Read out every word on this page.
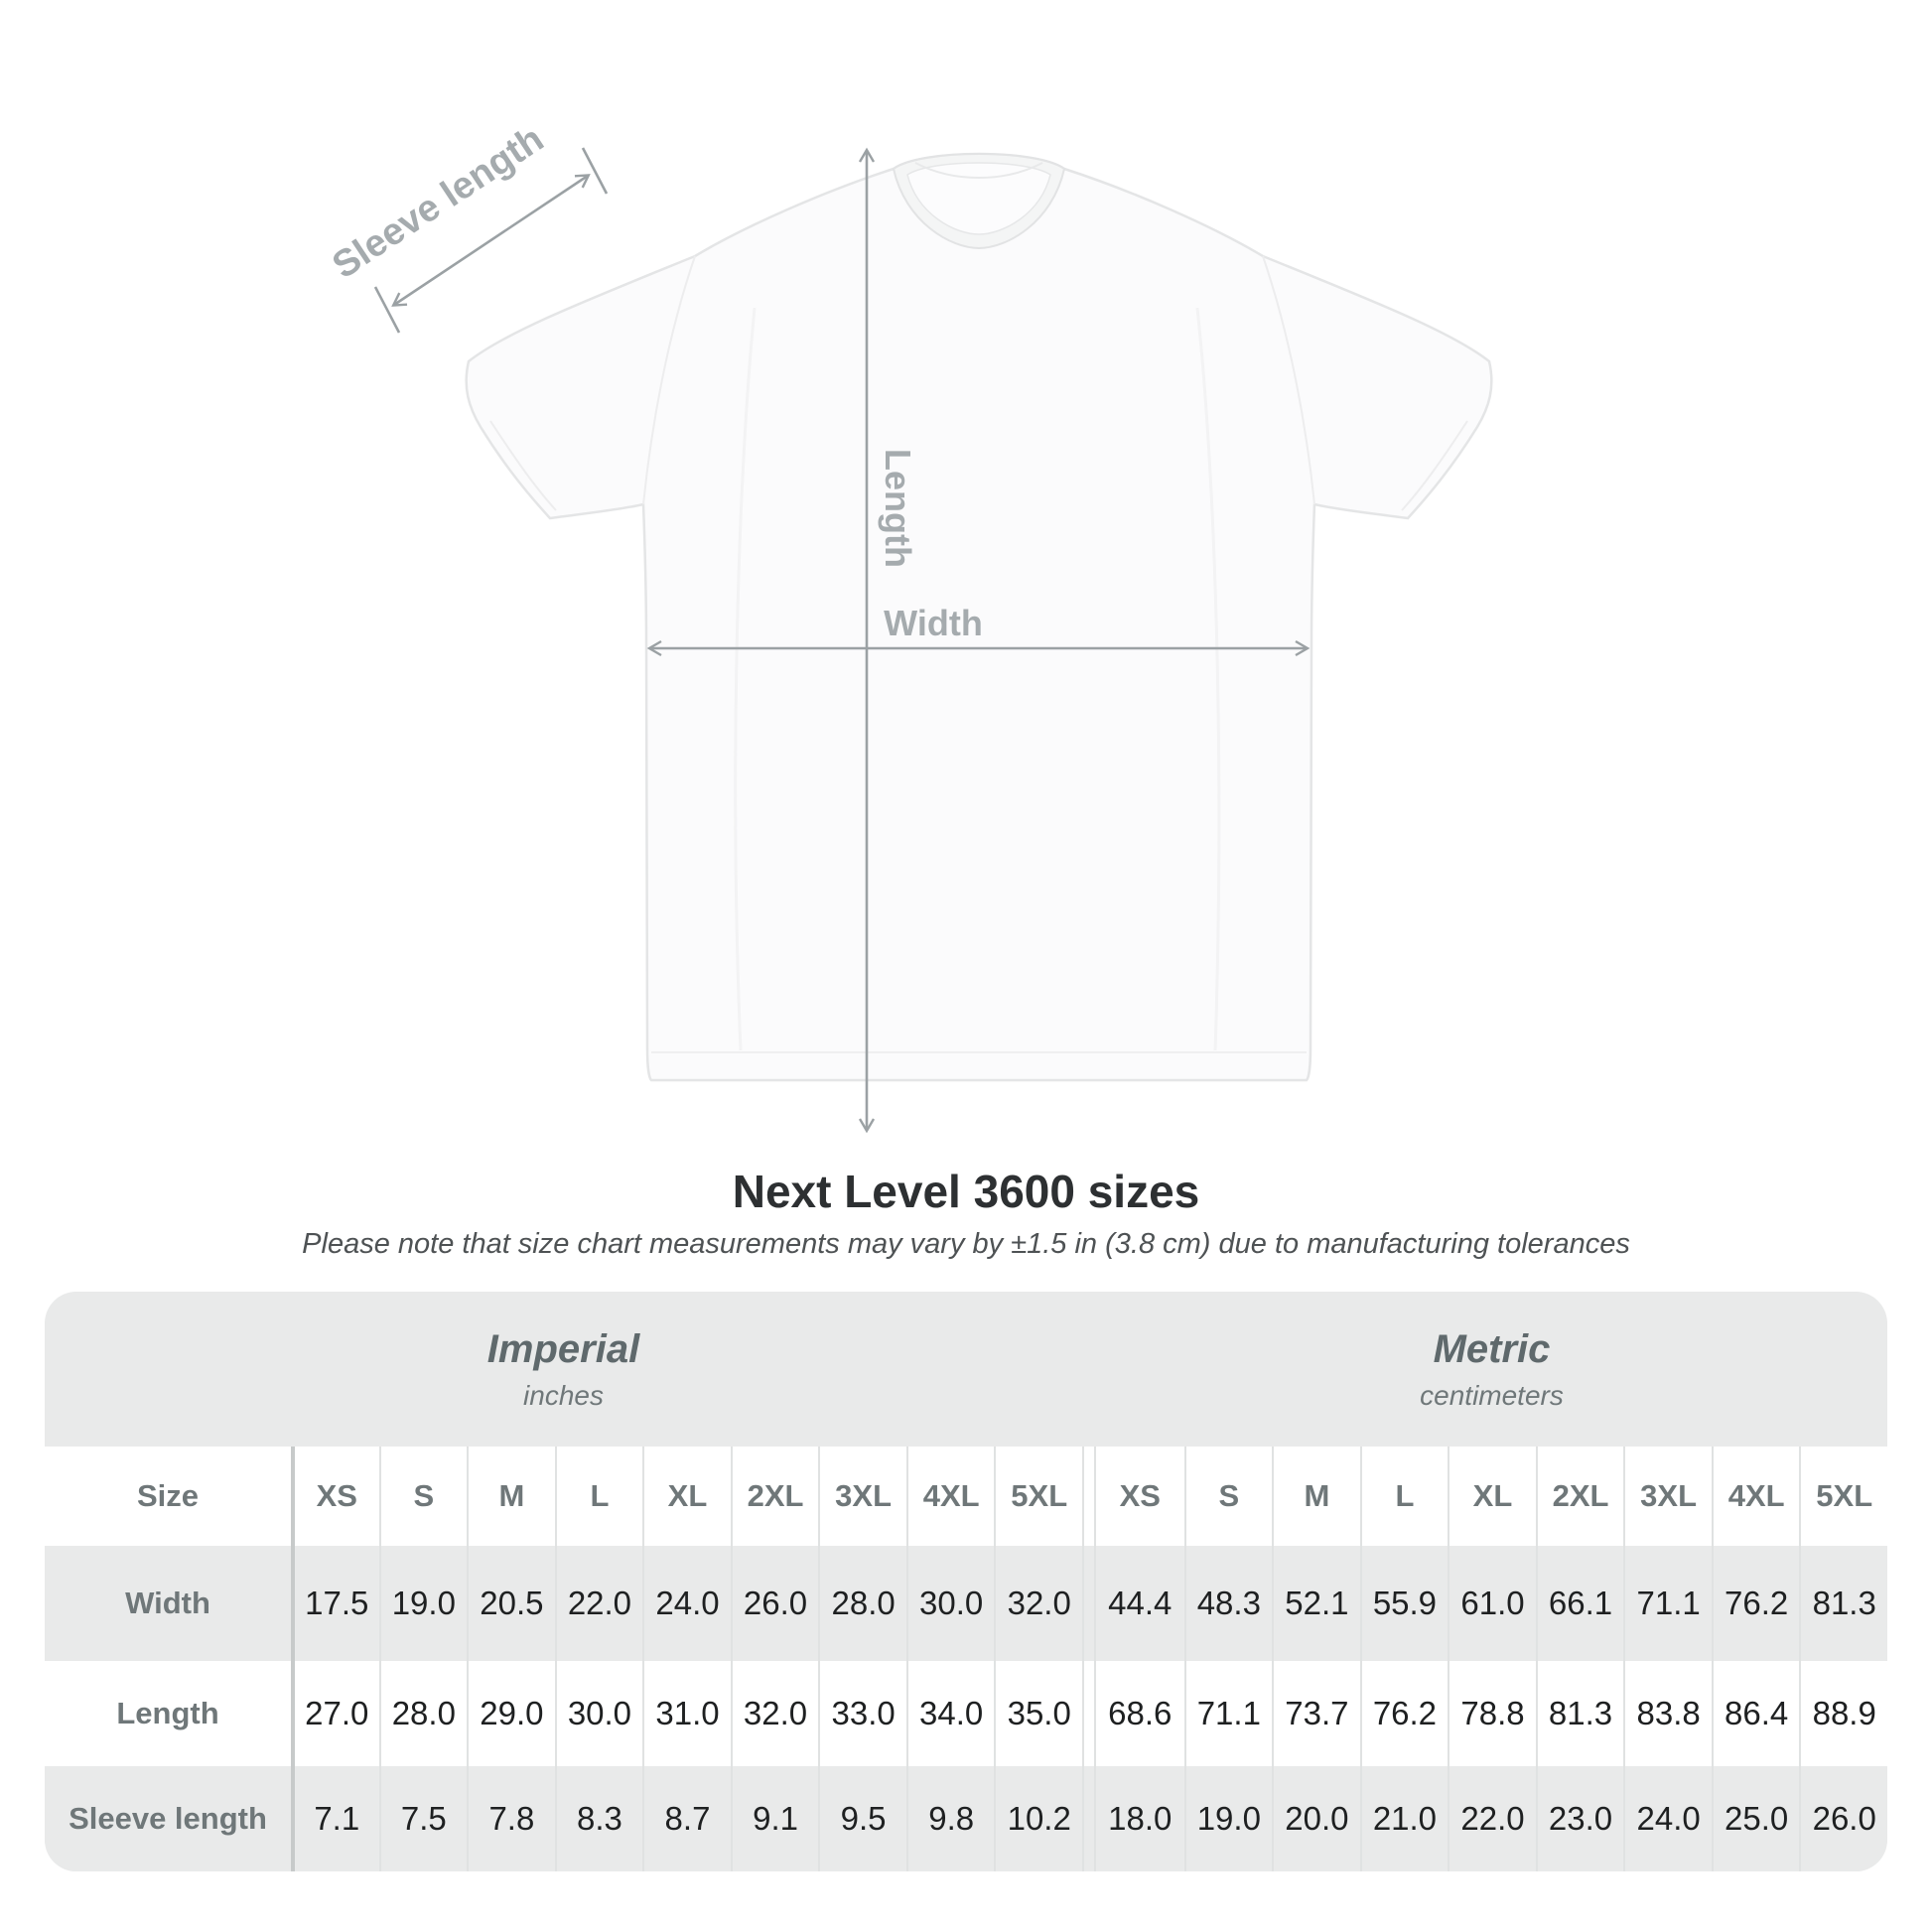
Sleeve length
Length
Width
Next Level 3600 sizes

Please note that size chart measurements may vary by ±1.5 in (3.8 cm) due to manufacturing tolerances

Imperial
inches
Metric
centimeters
Size	XS	S	M	L	XL	2XL	3XL	4XL	5XL	XS	S	M	L	XL	2XL	3XL	4XL	5XL
Width	17.5 19.0 20.5 22.0 24.0 26.0 28.0 30.0 32.0	44.4 48.3 52.1 55.9 61.0 66.1 71.1 76.2 81.3
Length	27.0 28.0 29.0 30.0 31.0 32.0 33.0 34.0 35.0	68.6 71.1 73.7 76.2 78.8 81.3 83.8 86.4 88.9
Sleeve length	7.1	7.5	7.8	8.3	8.7	9.1	9.5	9.8	10.2	18.0 19.0 20.0 21.0 22.0 23.0 24.0 25.0 26.0
